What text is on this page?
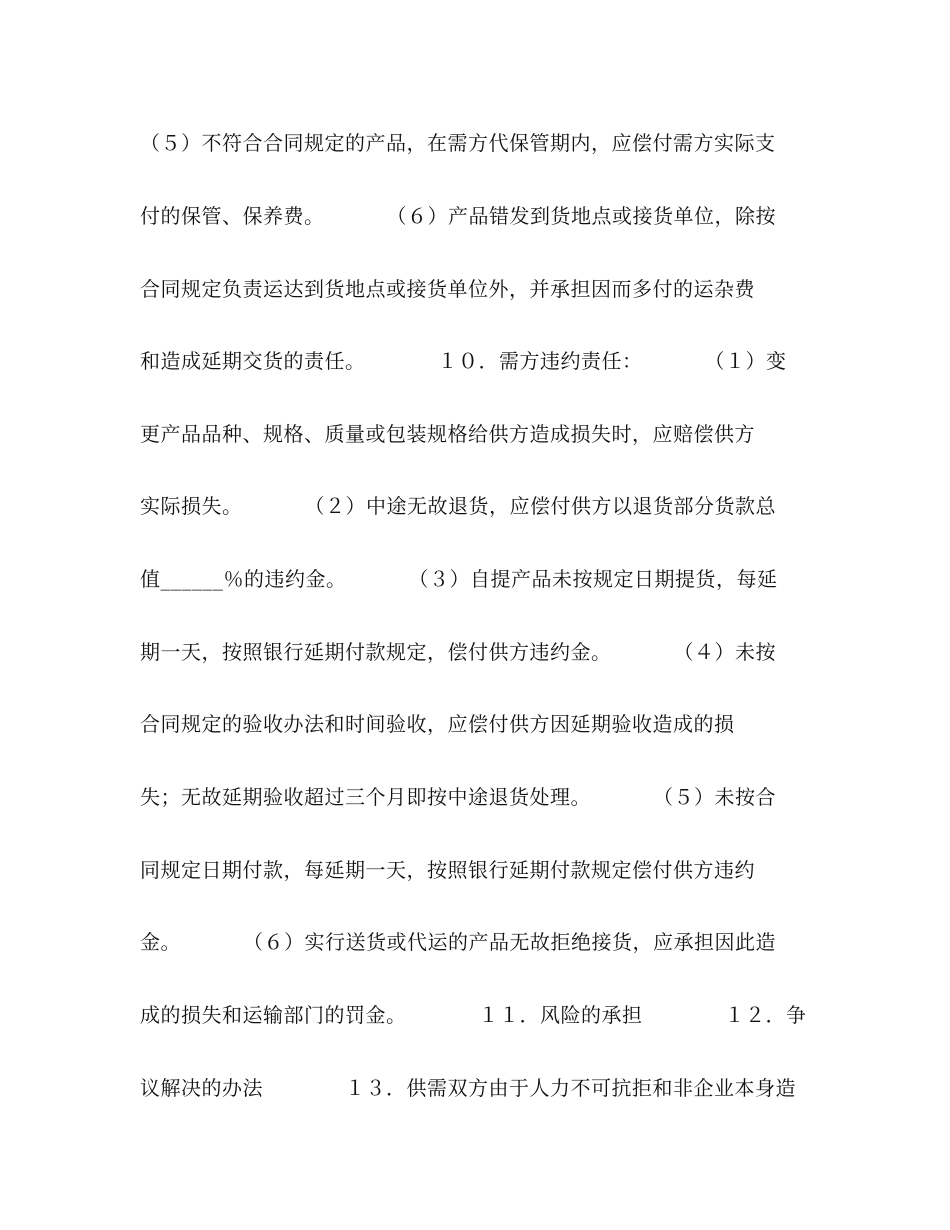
（５）不符合合同规定的产品，在需方代保管期内，应偿付需方实际支
付的保管、保养费。　　　　（６）产品错发到货地点或接货单位，除按
合同规定负责运达到货地点或接货单位外，并承担因而多付的运杂费
和造成延期交货的责任。　　　　１０．需方违约责任：　　　　（１）变
更产品品种、规格、质量或包装规格给供方造成损失时，应赔偿供方
实际损失。　　　　（２）中途无故退货，应偿付供方以退货部分货款总
值______％的违约金。　　　　（３）自提产品未按规定日期提货，每延
期一天，按照银行延期付款规定，偿付供方违约金。　　　　（４）未按
合同规定的验收办法和时间验收，应偿付供方因延期验收造成的损
失；无故延期验收超过三个月即按中途退货处理。　　　　（５）未按合
同规定日期付款，每延期一天，按照银行延期付款规定偿付供方违约
金。　　　　（６）实行送货或代运的产品无故拒绝接货，应承担因此造
成的损失和运输部门的罚金。　　　　１１．风险的承担　　　　１２．争
议解决的办法　　　　１３．供需双方由于人力不可抗拒和非企业本身造
